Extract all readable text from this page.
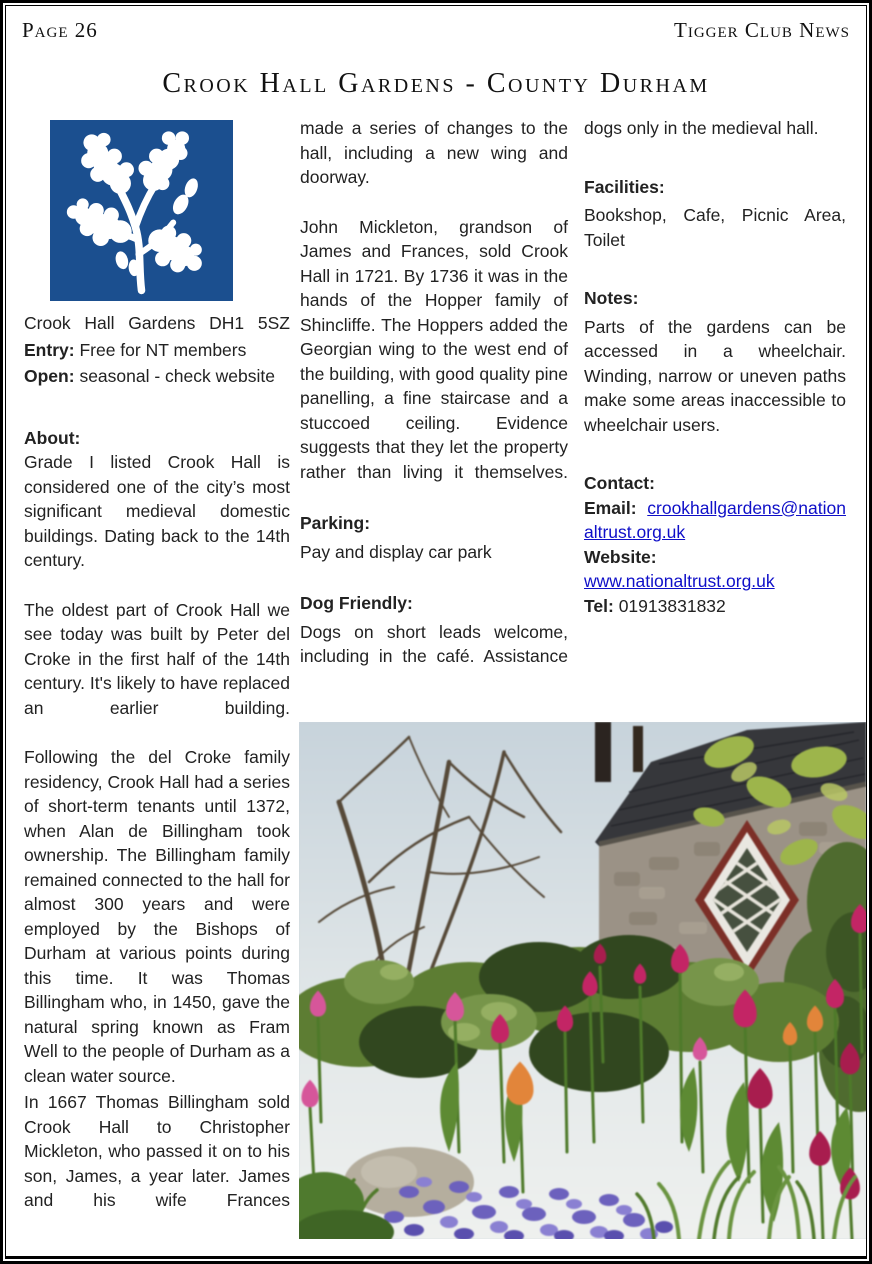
Page 26	Tigger Club News
Crook Hall Gardens - County Durham

Crook Hall Gardens DH1 5SZ

Entry: Free for NT members

Open: seasonal - check website

About:

Grade I listed Crook Hall is considered one of the city’s most significant medieval domestic buildings. Dating back to the 14th century.

The oldest part of Crook Hall we see today was built by Peter del Croke in the first half of the 14th century. It's likely to have replaced an earlier building.

Following the del Croke family residency, Crook Hall had a series of short-term tenants until 1372, when Alan de Billingham took ownership. The Billingham family remained connected to the hall for almost 300 years and were employed by the Bishops of Durham at various points during this time. It was Thomas Billingham who, in 1450, gave the natural spring known as Fram Well to the people of Durham as a clean water source.

In 1667 Thomas Billingham sold Crook Hall to Christopher Mickleton, who passed it on to his son, James, a year later. James and his wife Frances

made a series of changes to the hall, including a new wing and doorway.

John Mickleton, grandson of James and Frances, sold Crook Hall in 1721. By 1736 it was in the hands of the Hopper family of Shincliffe. The Hoppers added the Georgian wing to the west end of the building, with good quality pine panelling, a fine staircase and a stuccoed ceiling. Evidence suggests that they let the property rather than living it themselves.

Parking:

Pay and display car park

Dog Friendly:

Dogs on short leads welcome, including in the café. Assistance

dogs only in the medieval hall.

Facilities:

Bookshop, Cafe, Picnic Area, Toilet

Notes:

Parts of the gardens can be accessed in a wheelchair. Winding, narrow or uneven paths make some areas inaccessible to wheelchair users.

Contact:

Email: crookhallgardens@nationaltrust.org.uk

Website:

www.nationaltrust.org.uk

Tel: 01913831832
